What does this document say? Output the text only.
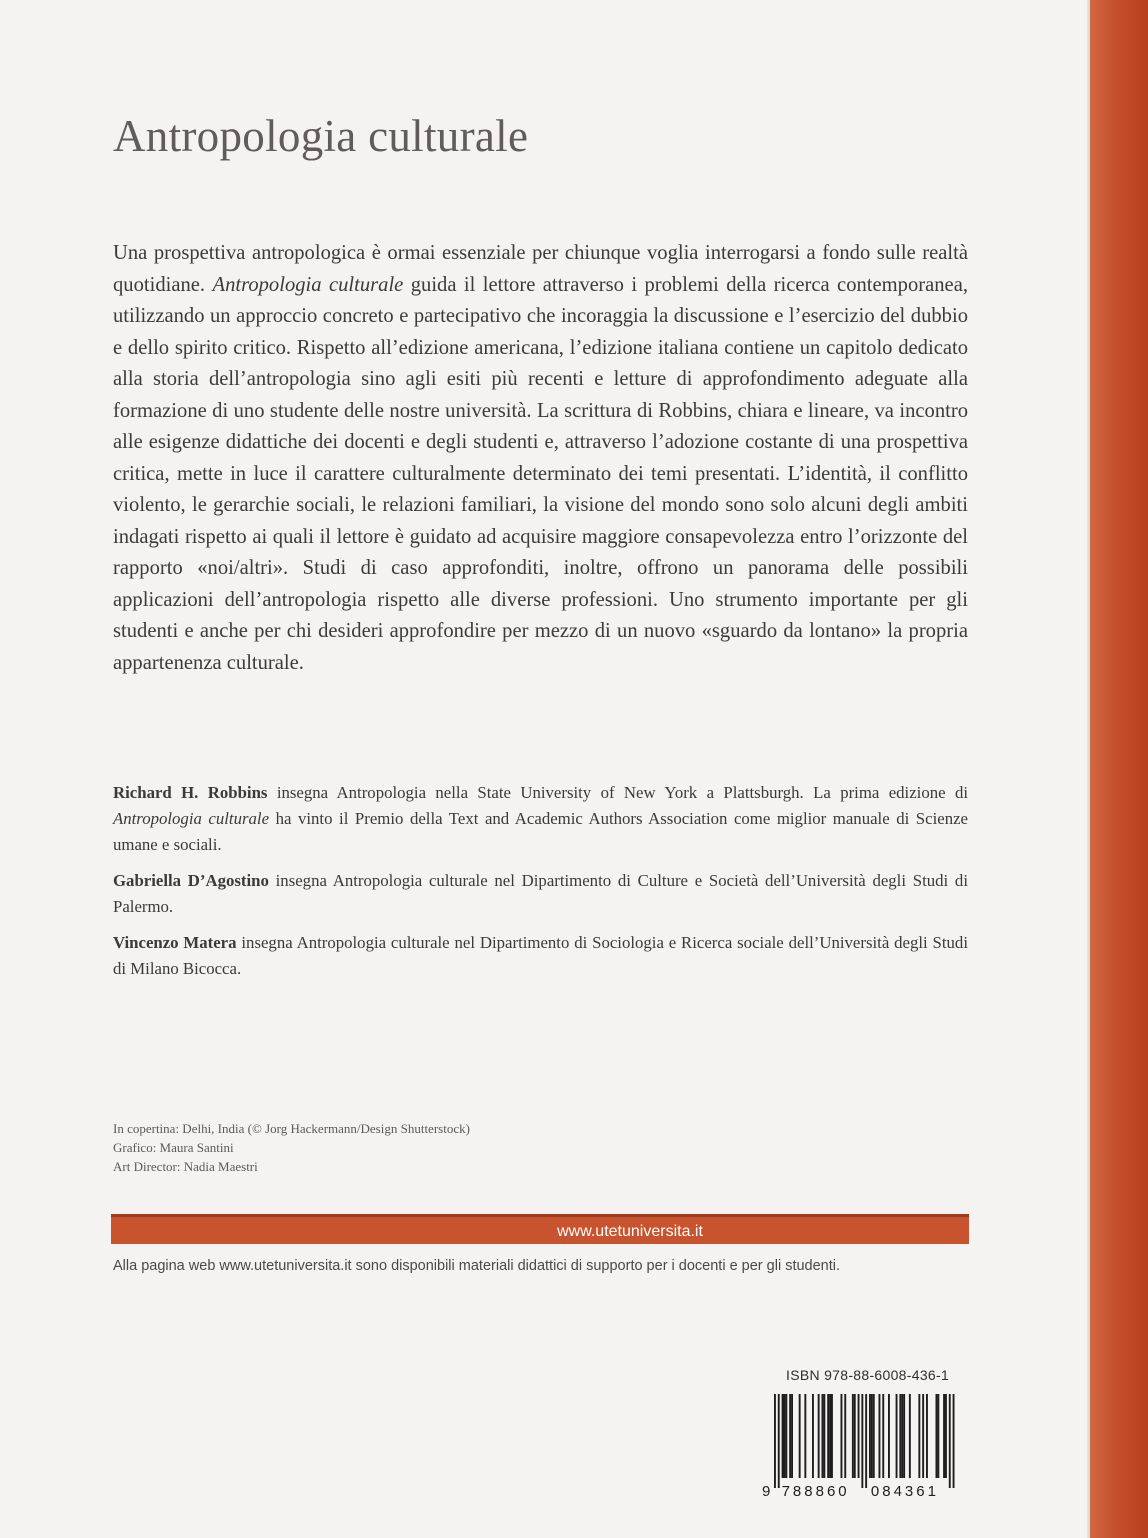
Antropologia culturale

Una prospettiva antropologica è ormai essenziale per chiunque voglia interrogarsi a fondo sulle realtà quotidiane. Antropologia culturale guida il lettore attraverso i problemi della ricerca contemporanea, utilizzando un approccio concreto e partecipativo che incoraggia la discussione e l’esercizio del dubbio e dello spirito critico. Rispetto all’edizione americana, l’edizione italiana contiene un capitolo dedicato alla storia dell’antropologia sino agli esiti più recenti e letture di approfondimento adeguate alla formazione di uno studente delle nostre università. La scrittura di Robbins, chiara e lineare, va incontro alle esigenze didattiche dei docenti e degli studenti e, attraverso l’adozione costante di una prospettiva critica, mette in luce il carattere culturalmente determinato dei temi presentati. L’identità, il conflitto violento, le gerarchie sociali, le relazioni familiari, la visione del mondo sono solo alcuni degli ambiti indagati rispetto ai quali il lettore è guidato ad acquisire maggiore consapevolezza entro l’orizzonte del rapporto «noi/altri». Studi di caso approfonditi, inoltre, offrono un panorama delle possibili applicazioni dell’antropologia rispetto alle diverse professioni. Uno strumento importante per gli studenti e anche per chi desideri approfondire per mezzo di un nuovo «sguardo da lontano» la propria appartenenza culturale.

Richard H. Robbins insegna Antropologia nella State University of New York a Plattsburgh. La prima edizione di Antropologia culturale ha vinto il Premio della Text and Academic Authors Association come miglior manuale di Scienze umane e sociali.

Gabriella D’Agostino insegna Antropologia culturale nel Dipartimento di Culture e Società dell’Università degli Studi di Palermo.

Vincenzo Matera insegna Antropologia culturale nel Dipartimento di Sociologia e Ricerca sociale dell’Università degli Studi di Milano Bicocca.

In copertina: Delhi, India (© Jorg Hackermann/Design Shutterstock)
Grafico: Maura Santini
Art Director: Nadia Maestri
www.utetuniversita.it
Alla pagina web www.utetuniversita.it sono disponibili materiali didattici di supporto per i docenti e per gli studenti.
ISBN 978-88-6008-436-1
9 788860 084361
